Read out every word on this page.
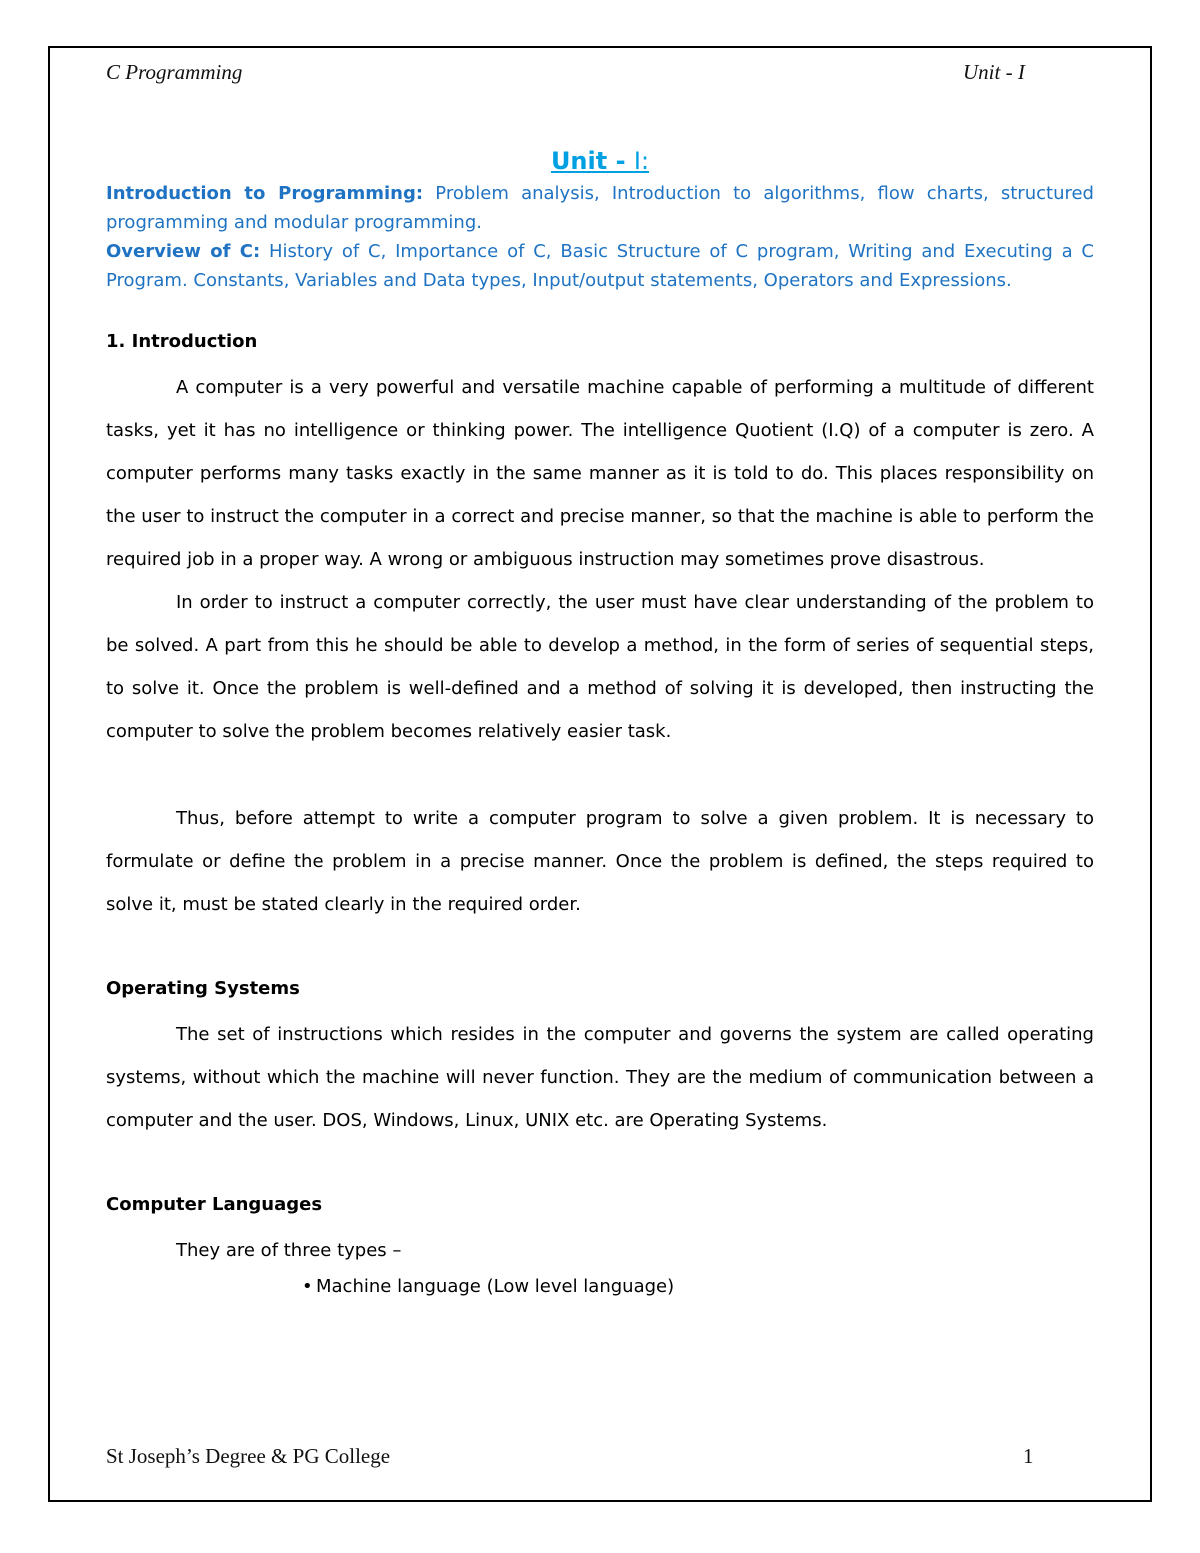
C Programming	Unit - I
Unit - I:

Introduction to Programming: Problem analysis, Introduction to algorithms, flow charts, structured programming and modular programming.

Overview of C: History of C, Importance of C, Basic Structure of C program, Writing and Executing a C Program. Constants, Variables and Data types, Input/output statements, Operators and Expressions.

1. Introduction

A computer is a very powerful and versatile machine capable of performing a multitude of different tasks, yet it has no intelligence or thinking power. The intelligence Quotient (I.Q) of a computer is zero. A computer performs many tasks exactly in the same manner as it is told to do. This places responsibility on the user to instruct the computer in a correct and precise manner, so that the machine is able to perform the required job in a proper way. A wrong or ambiguous instruction may sometimes prove disastrous.

In order to instruct a computer correctly, the user must have clear understanding of the problem to be solved. A part from this he should be able to develop a method, in the form of series of sequential steps, to solve it. Once the problem is well-defined and a method of solving it is developed, then instructing the computer to solve the problem becomes relatively easier task.

Thus, before attempt to write a computer program to solve a given problem. It is necessary to formulate or define the problem in a precise manner. Once the problem is defined, the steps required to solve it, must be stated clearly in the required order.

Operating Systems

The set of instructions which resides in the computer and governs the system are called operating systems, without which the machine will never function. They are the medium of communication between a computer and the user. DOS, Windows, Linux, UNIX etc. are Operating Systems.

Computer Languages

They are of three types –

• Machine language (Low level language)

St Joseph’s Degree & PG College	1
